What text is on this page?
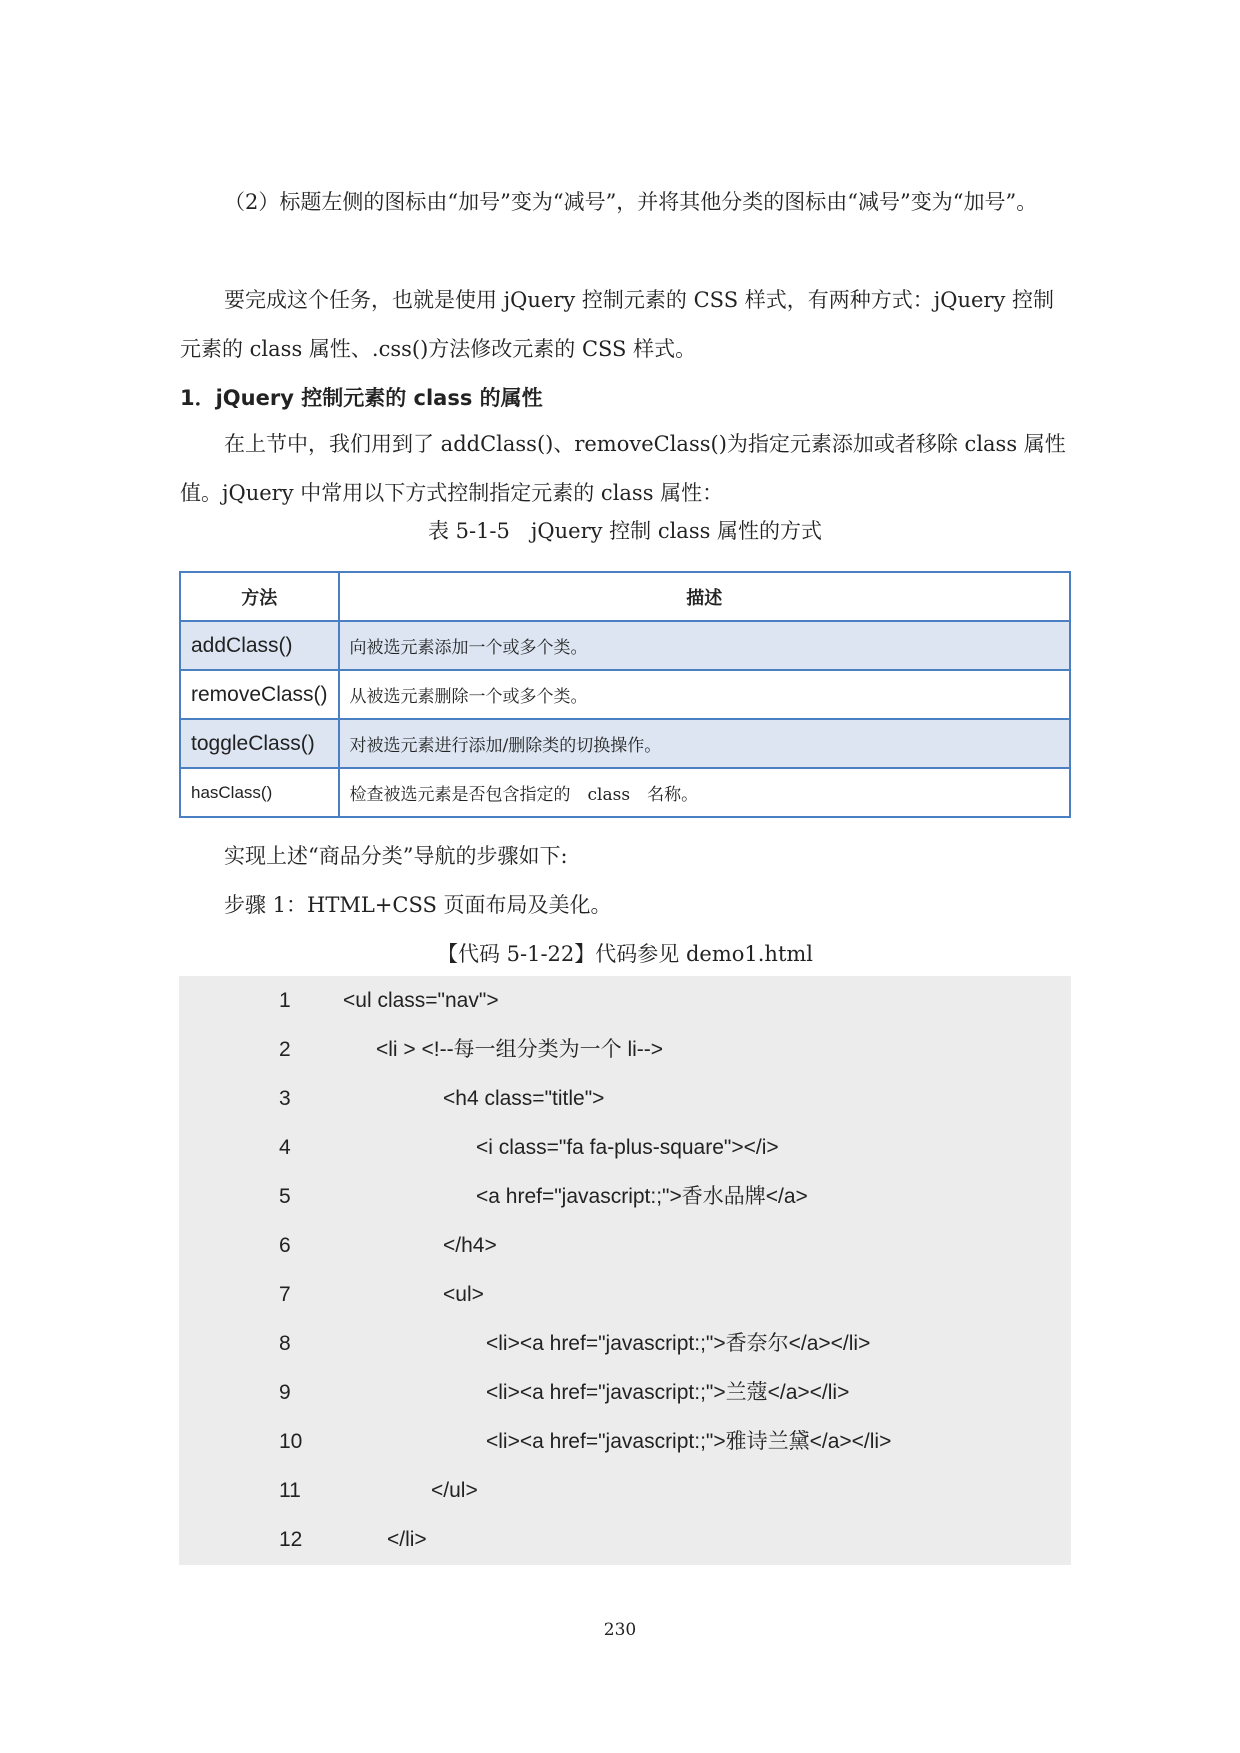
（2）标题左侧的图标由“加号”变为“减号”，并将其他分类的图标由“减号”变为“加号”。

要完成这个任务，也就是使用 jQuery 控制元素的 CSS 样式，有两种方式：jQuery 控制元素的 class 属性、.css()方法修改元素的 CSS 样式。

1．jQuery 控制元素的 class 的属性

在上节中，我们用到了 addClass()、removeClass()为指定元素添加或者移除 class 属性值。jQuery 中常用以下方式控制指定元素的 class 属性：

表 5-1-5　jQuery 控制 class 属性的方式
方法	描述
addClass()	向被选元素添加一个或多个类。
removeClass()	从被选元素删除一个或多个类。
toggleClass()	对被选元素进行添加/删除类的切换操作。
hasClass()	检查被选元素是否包含指定的　class　名称。
实现上述“商品分类”导航的步骤如下:
步骤 1：HTML+CSS 页面布局及美化。
【代码 5-1-22】代码参见 demo1.html
1 <ul class="nav">
2	<li > <!--每一组分类为一个 li-->
3	<h4 class="title">
4	<i class="fa fa-plus-square"></i>
5	<a href="javascript:;">香水品牌</a>
6	</h4>
7	<ul>
8	<li><a href="javascript:;">香奈尔</a></li>
9	<li><a href="javascript:;">兰蔻</a></li>
10	<li><a href="javascript:;">雅诗兰黛</a></li>
11	</ul>
12	</li>
230
